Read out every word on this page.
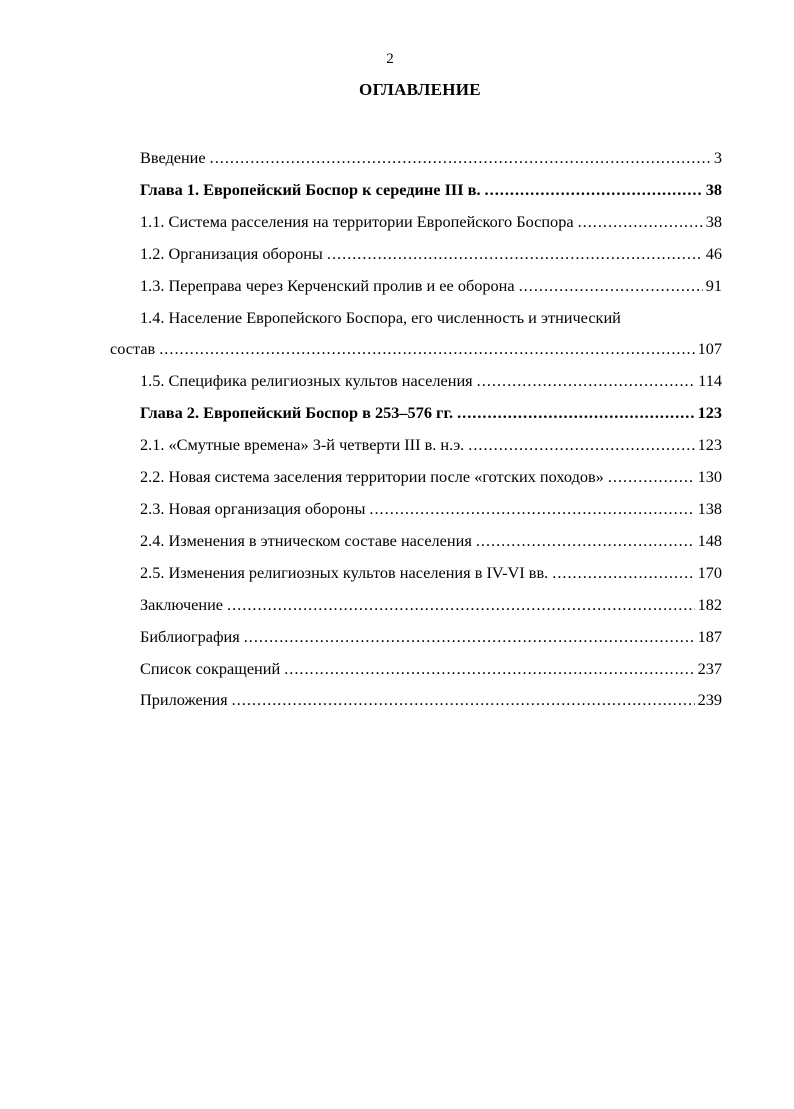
2
ОГЛАВЛЕНИЕ
Введение .....	3
Глава 1. Европейский Боспор к середине III в. .....	38
1.1. Система расселения на территории Европейского Боспора .....	38
1.2. Организация обороны .....	46
1.3. Переправа через Керченский пролив и ее оборона .....	91
1.4. Население Европейского Боспора, его численность и этнический
состав .....	107
1.5. Специфика религиозных культов населения .....	114
Глава 2. Европейский Боспор в 253–576 гг. .....	123
2.1. «Смутные времена» 3-й четверти III в. н.э. .....	123
2.2. Новая система заселения территории после «готских походов» .....	130
2.3. Новая организация обороны .....	138
2.4. Изменения в этническом составе населения .....	148
2.5. Изменения религиозных культов населения в IV-VI вв. .....	170
Заключение .....	182
Библиография .....	187
Список сокращений .....	237
Приложения .....	239
